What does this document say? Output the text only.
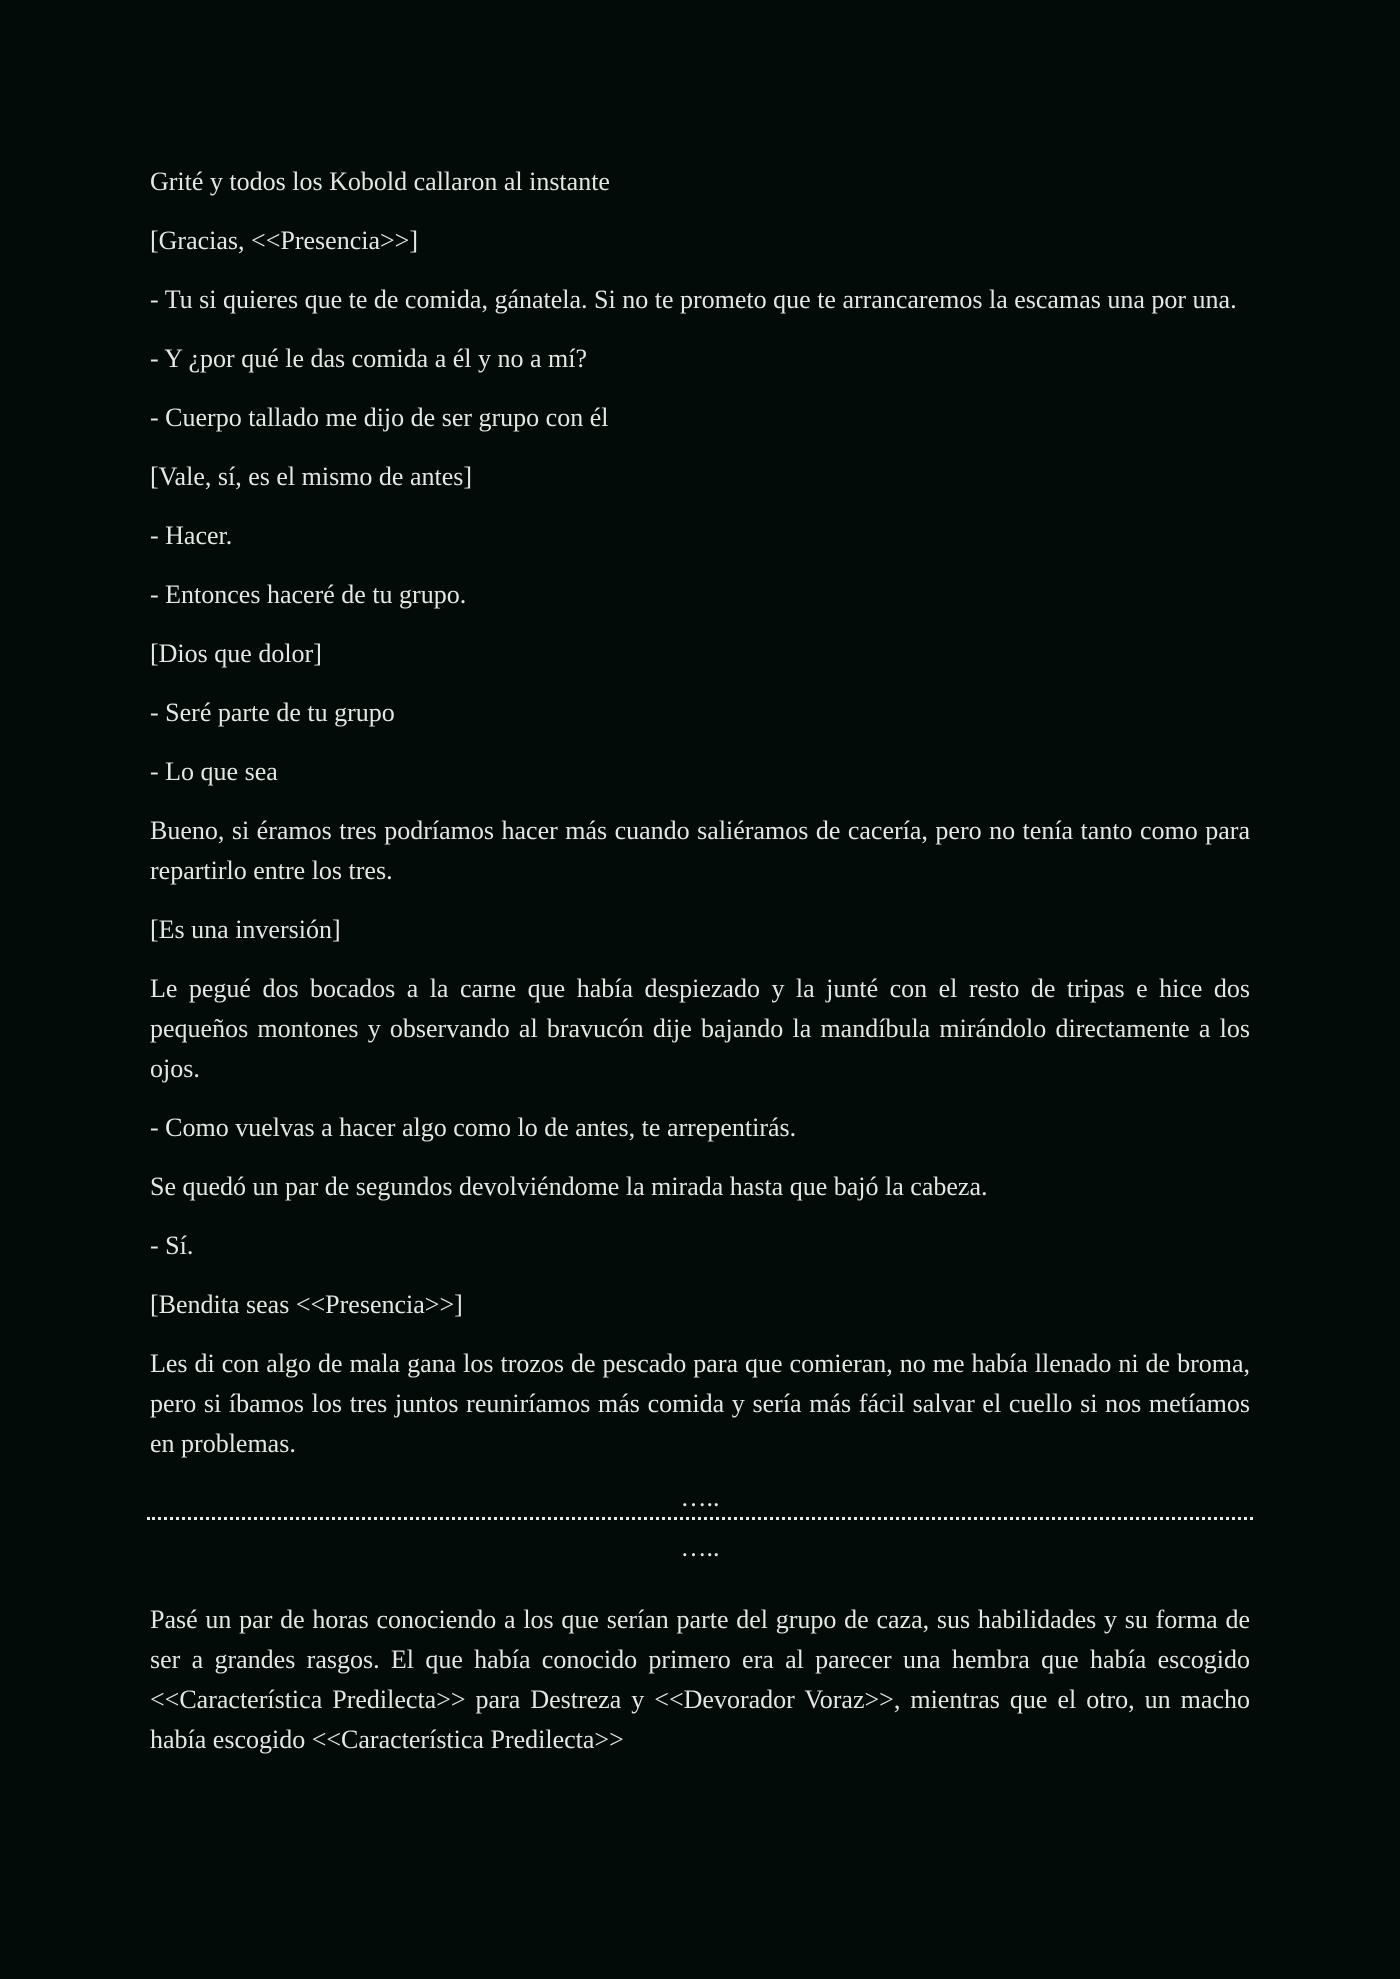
Grité y todos los Kobold callaron al instante

[Gracias, <<Presencia>>]

- Tu si quieres que te de comida, gánatela. Si no te prometo que te arrancaremos la escamas una por una.

- Y ¿por qué le das comida a él y no a mí?

- Cuerpo tallado me dijo de ser grupo con él

[Vale, sí, es el mismo de antes]

- Hacer.

- Entonces haceré de tu grupo.

[Dios que dolor]

- Seré parte de tu grupo

- Lo que sea

Bueno, si éramos tres podríamos hacer más cuando saliéramos de cacería, pero no tenía tanto como para repartirlo entre los tres.

[Es una inversión]

Le pegué dos bocados a la carne que había despiezado y la junté con el resto de tripas e hice dos pequeños montones y observando al bravucón dije bajando la mandíbula mirándolo directamente a los ojos.

- Como vuelvas a hacer algo como lo de antes, te arrepentirás.

Se quedó un par de segundos devolviéndome la mirada hasta que bajó la cabeza.

- Sí.

[Bendita seas <<Presencia>>]

Les di con algo de mala gana los trozos de pescado para que comieran, no me había llenado ni de broma, pero si íbamos los tres juntos reuniríamos más comida y sería más fácil salvar el cuello si nos metíamos en problemas.

…..
…..

Pasé un par de horas conociendo a los que serían parte del grupo de caza, sus habilidades y su forma de ser a grandes rasgos. El que había conocido primero era al parecer una hembra que había escogido <<Característica Predilecta>> para Destreza y <<Devorador Voraz>>, mientras que el otro, un macho había escogido <<Característica Predilecta>>
